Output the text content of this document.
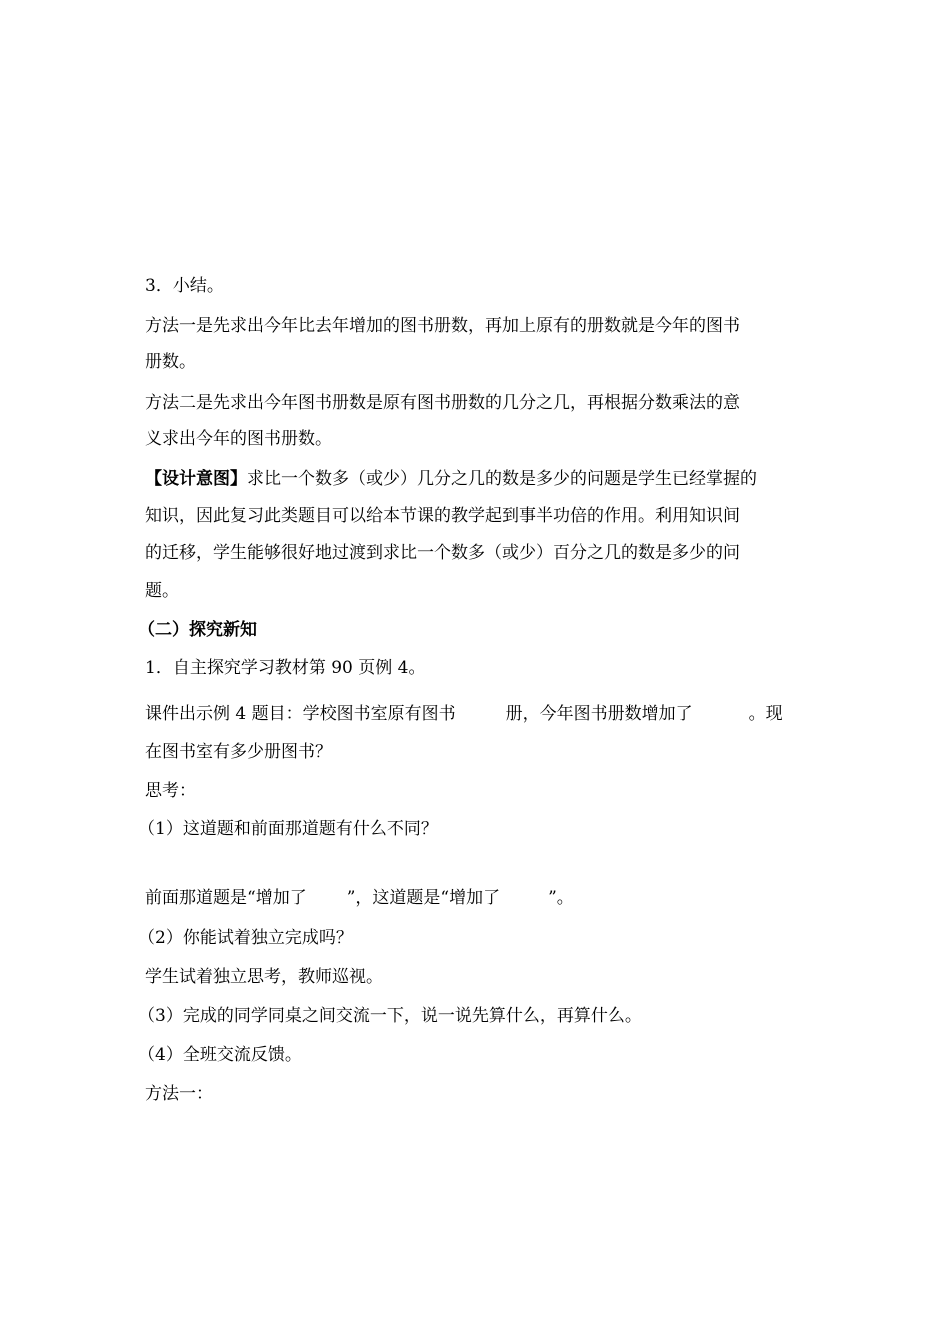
3．小结。
方法一是先求出今年比去年增加的图书册数，再加上原有的册数就是今年的图书
册数。
方法二是先求出今年图书册数是原有图书册数的几分之几，再根据分数乘法的意
义求出今年的图书册数。
【设计意图】求比一个数多（或少）几分之几的数是多少的问题是学生已经掌握的
知识，因此复习此类题目可以给本节课的教学起到事半功倍的作用。利用知识间
的迁移，学生能够很好地过渡到求比一个数多（或少）百分之几的数是多少的问
题。
（二）探究新知
1．自主探究学习教材第 90 页例 4。
课件出示例 4 题目：学校图书室原有图书	册，今年图书册数增加了	。现
在图书室有多少册图书？
思考：
（1）这道题和前面那道题有什么不同？
前面那道题是“增加了 ”，这道题是“增加了	”。
（2）你能试着独立完成吗？
学生试着独立思考，教师巡视。
（3）完成的同学同桌之间交流一下，说一说先算什么，再算什么。
（4）全班交流反馈。
方法一：
